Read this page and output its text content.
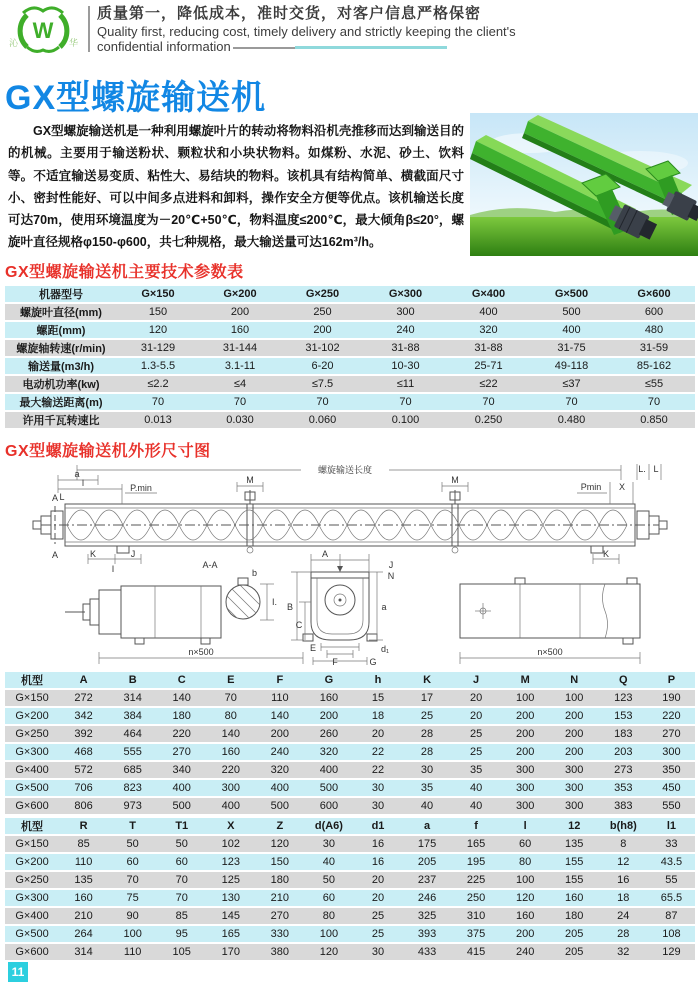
W
沁	华
质量第一，降低成本，准时交货，对客户信息严格保密
Quality first, reducing cost, timely delivery and strictly keeping the client's
confidential information
GX型螺旋输送机
GX型螺旋输送机是一种利用螺旋叶片的转动将物料沿机壳推移而达到输送目的的机械。主要用于输送粉状、颗粒状和小块状物料。如煤粉、水泥、砂土、饮料等。不适宜输送易变质、粘性大、易结块的物料。该机具有结构简单、横截面尺寸小、密封性能好、可以中间多点进料和卸料，操作安全方便等优点。该机输送长度可达70m，使用环境温度为－20℃+50℃，物料温度≤200℃，最大倾角β≤20°，螺旋叶直径规格φ150-φ600，共七种规格，最大输送量可达162m³/h。
GX型螺旋输送机主要技术参数表
机器型号	G×150	G×200	G×250	G×300	G×400	G×500	G×600
螺旋叶直径(mm)	150	200	250	300	400	500	600
螺距(mm)	120	160	200	240	320	400	480
螺旋轴转速(r/min)	31-129	31-144	31-102	31-88	31-88	31-75	31-59
输送量(m3/h)	1.3-5.5	3.1-11	6-20	10-30	25-71	49-118	85-162
电动机功率(kw)	≤2.2	≤4	≤7.5	≤11	≤22	≤37	≤55
最大输送距离(m)	70	70	70	70	70	70	70
许用千瓦转速比	0.013	0.030	0.060	0.100	0.250	0.480	0.850
GX型螺旋输送机外形尺寸图
螺旋输送长度
a
l	P.min
L
M	M
Pmin X
L. L
A
A	K	J
I	A-A
b
I.
n×500	n×500
A
B
C
a
E
F	G
d₁
J
N
K
机型	A	B	C	E	F	G	h	K	J	M	N	Q	P
G×150	272	314	140	70	110	160	15	17	20	100	100	123	190
G×200	342	384	180	80	140	200	18	25	20	200	200	153	220
G×250	392	464	220	140	200	260	20	28	25	200	200	183	270
G×300	468	555	270	160	240	320	22	28	25	200	200	203	300
G×400	572	685	340	220	320	400	22	30	35	300	300	273	350
G×500	706	823	400	300	400	500	30	35	40	300	300	353	450
G×600	806	973	500	400	500	600	30	40	40	300	300	383	550
机型	R	T	T1	X	Z	d(A6)	d1	a	f	l	12	b(h8)	l1
G×150	85	50	50	102	120	30	16	175	165	60	135	8	33
G×200	110	60	60	123	150	40	16	205	195	80	155	12	43.5
G×250	135	70	70	125	180	50	20	237	225	100	155	16	55
G×300	160	75	70	130	210	60	20	246	250	120	160	18	65.5
G×400	210	90	85	145	270	80	25	325	310	160	180	24	87
G×500	264	100	95	165	330	100	25	393	375	200	205	28	108
G×600	314	110	105	170	380	120	30	433	415	240	205	32	129
11
